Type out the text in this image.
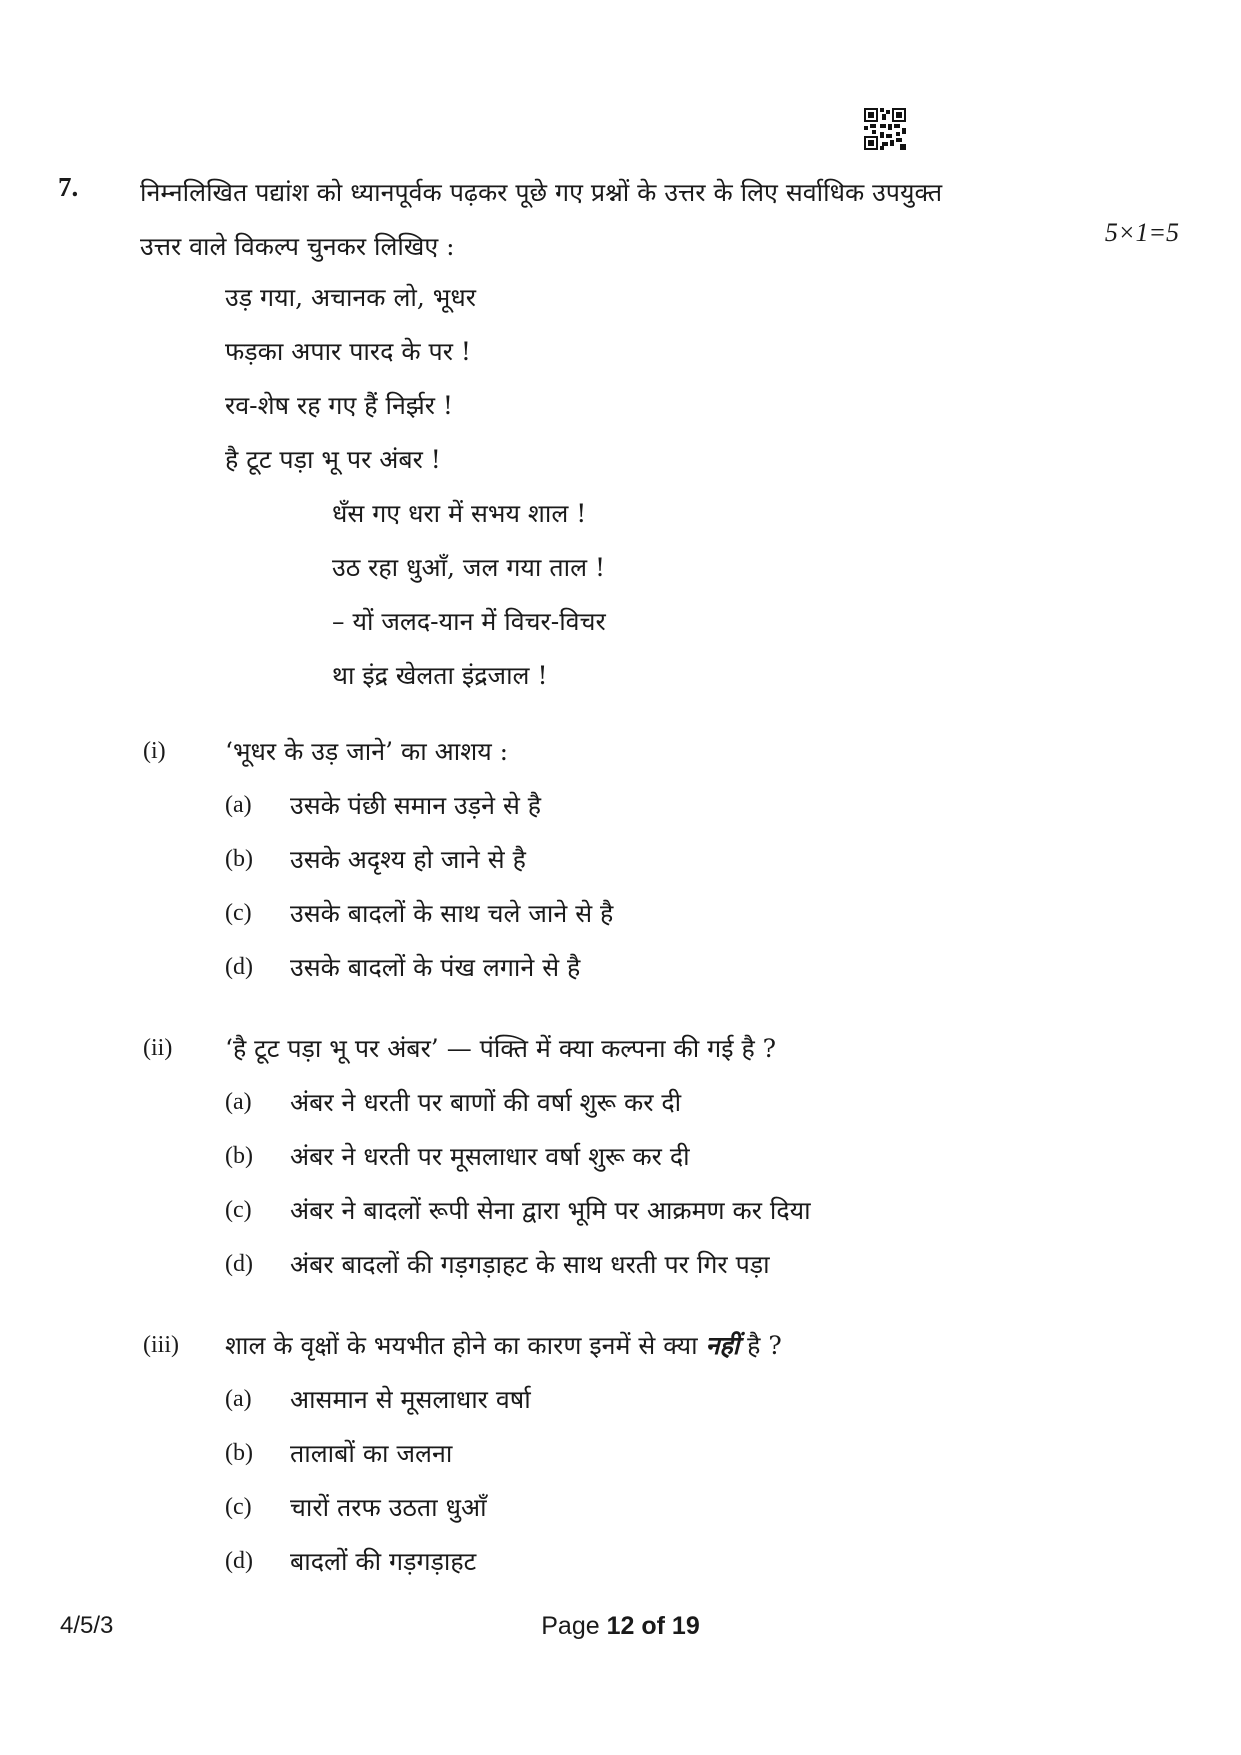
7. निम्नलिखित पद्यांश को ध्यानपूर्वक पढ़कर पूछे गए प्रश्नों के उत्तर के लिए सर्वाधिक उपयुक्त
उत्तर वाले विकल्प चुनकर लिखिए :	5×1=5
उड़ गया, अचानक लो, भूधर
फड़का अपार पारद के पर !
रव-शेष रह गए हैं निर्झर !
है टूट पड़ा भू पर अंबर !
धँस गए धरा में सभय शाल !
उठ रहा धुआँ, जल गया ताल !
– यों जलद-यान में विचर-विचर
था इंद्र खेलता इंद्रजाल !
(i) ‘भूधर के उड़ जाने’ का आशय :
(a) उसके पंछी समान उड़ने से है
(b) उसके अदृश्य हो जाने से है
(c) उसके बादलों के साथ चले जाने से है
(d) उसके बादलों के पंख लगाने से है
(ii) ‘है टूट पड़ा भू पर अंबर’ — पंक्ति में क्या कल्पना की गई है ?
(a) अंबर ने धरती पर बाणों की वर्षा शुरू कर दी
(b) अंबर ने धरती पर मूसलाधार वर्षा शुरू कर दी
(c) अंबर ने बादलों रूपी सेना द्वारा भूमि पर आक्रमण कर दिया
(d) अंबर बादलों की गड़गड़ाहट के साथ धरती पर गिर पड़ा
(iii) शाल के वृक्षों के भयभीत होने का कारण इनमें से क्या नहीं है ?
(a) आसमान से मूसलाधार वर्षा
(b) तालाबों का जलना
(c) चारों तरफ उठता धुआँ
(d) बादलों की गड़गड़ाहट
4/5/3	Page 12 of 19
